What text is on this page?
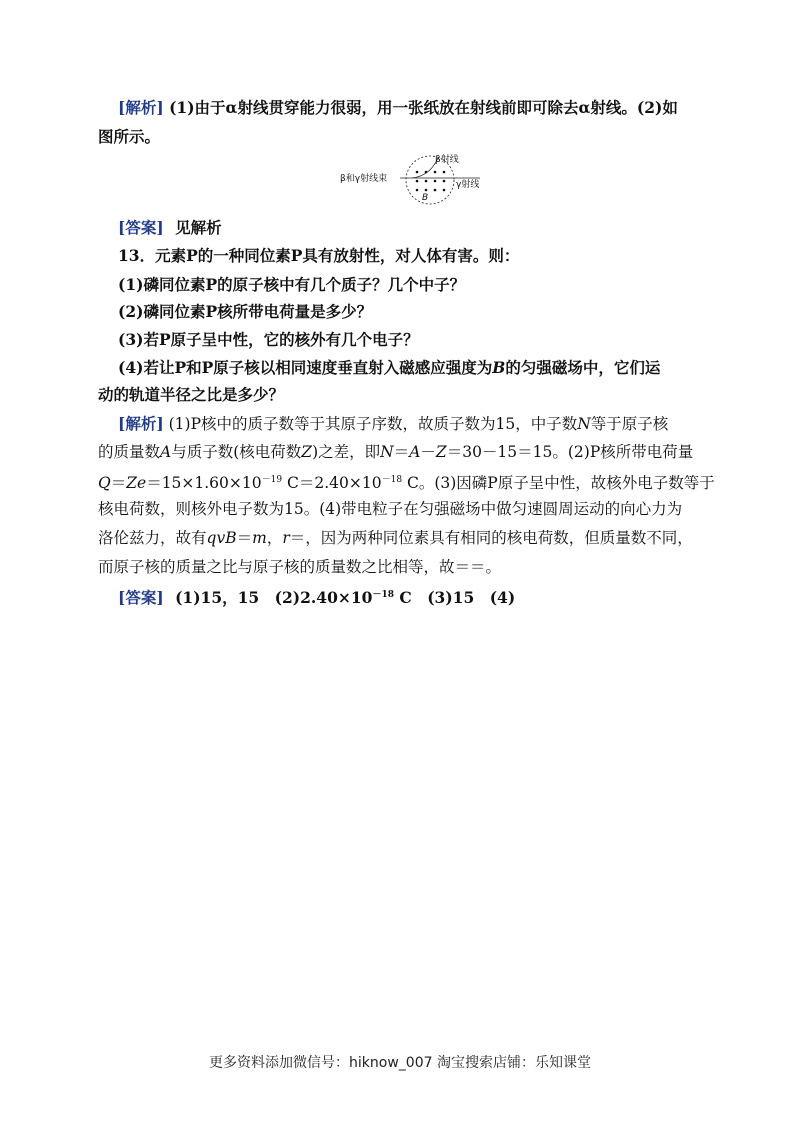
[解析] (1)由于α射线贯穿能力很弱，用一张纸放在射线前即可除去α射线。(2)如
图所示。
β和γ射线束
β射线
γ射线
B
[答案] 见解析
13．元素P的一种同位素P具有放射性，对人体有害。则：
(1)磷同位素P的原子核中有几个质子？几个中子？
(2)磷同位素P核所带电荷量是多少？
(3)若P原子呈中性，它的核外有几个电子？
(4)若让P和P原子核以相同速度垂直射入磁感应强度为B的匀强磁场中，它们运
动的轨道半径之比是多少？
[解析] (1)P核中的质子数等于其原子序数，故质子数为15，中子数N等于原子核
的质量数A与质子数(核电荷数Z)之差，即N＝A－Z＝30－15＝15。(2)P核所带电荷量
$Q=Ze=15\times 1.60\times 10^{-19}$ $C=2.40\times 10^{-18}$ C。(3)因磷P原子呈中性，故核外电子数等于
核电荷数，则核外电子数为15。(4)带电粒子在匀强磁场中做匀速圆周运动的向心力为
洛伦兹力，故有qvB＝m，r＝，因为两种同位素具有相同的核电荷数，但质量数不同，
而原子核的质量之比与原子核的质量数之比相等，故＝＝。
[答案] (1)15，15　$(2)2.40\times 10^{-18}$ C　(3)15　(4)
更多资料添加微信号：hiknow_007 淘宝搜索店铺：乐知课堂
